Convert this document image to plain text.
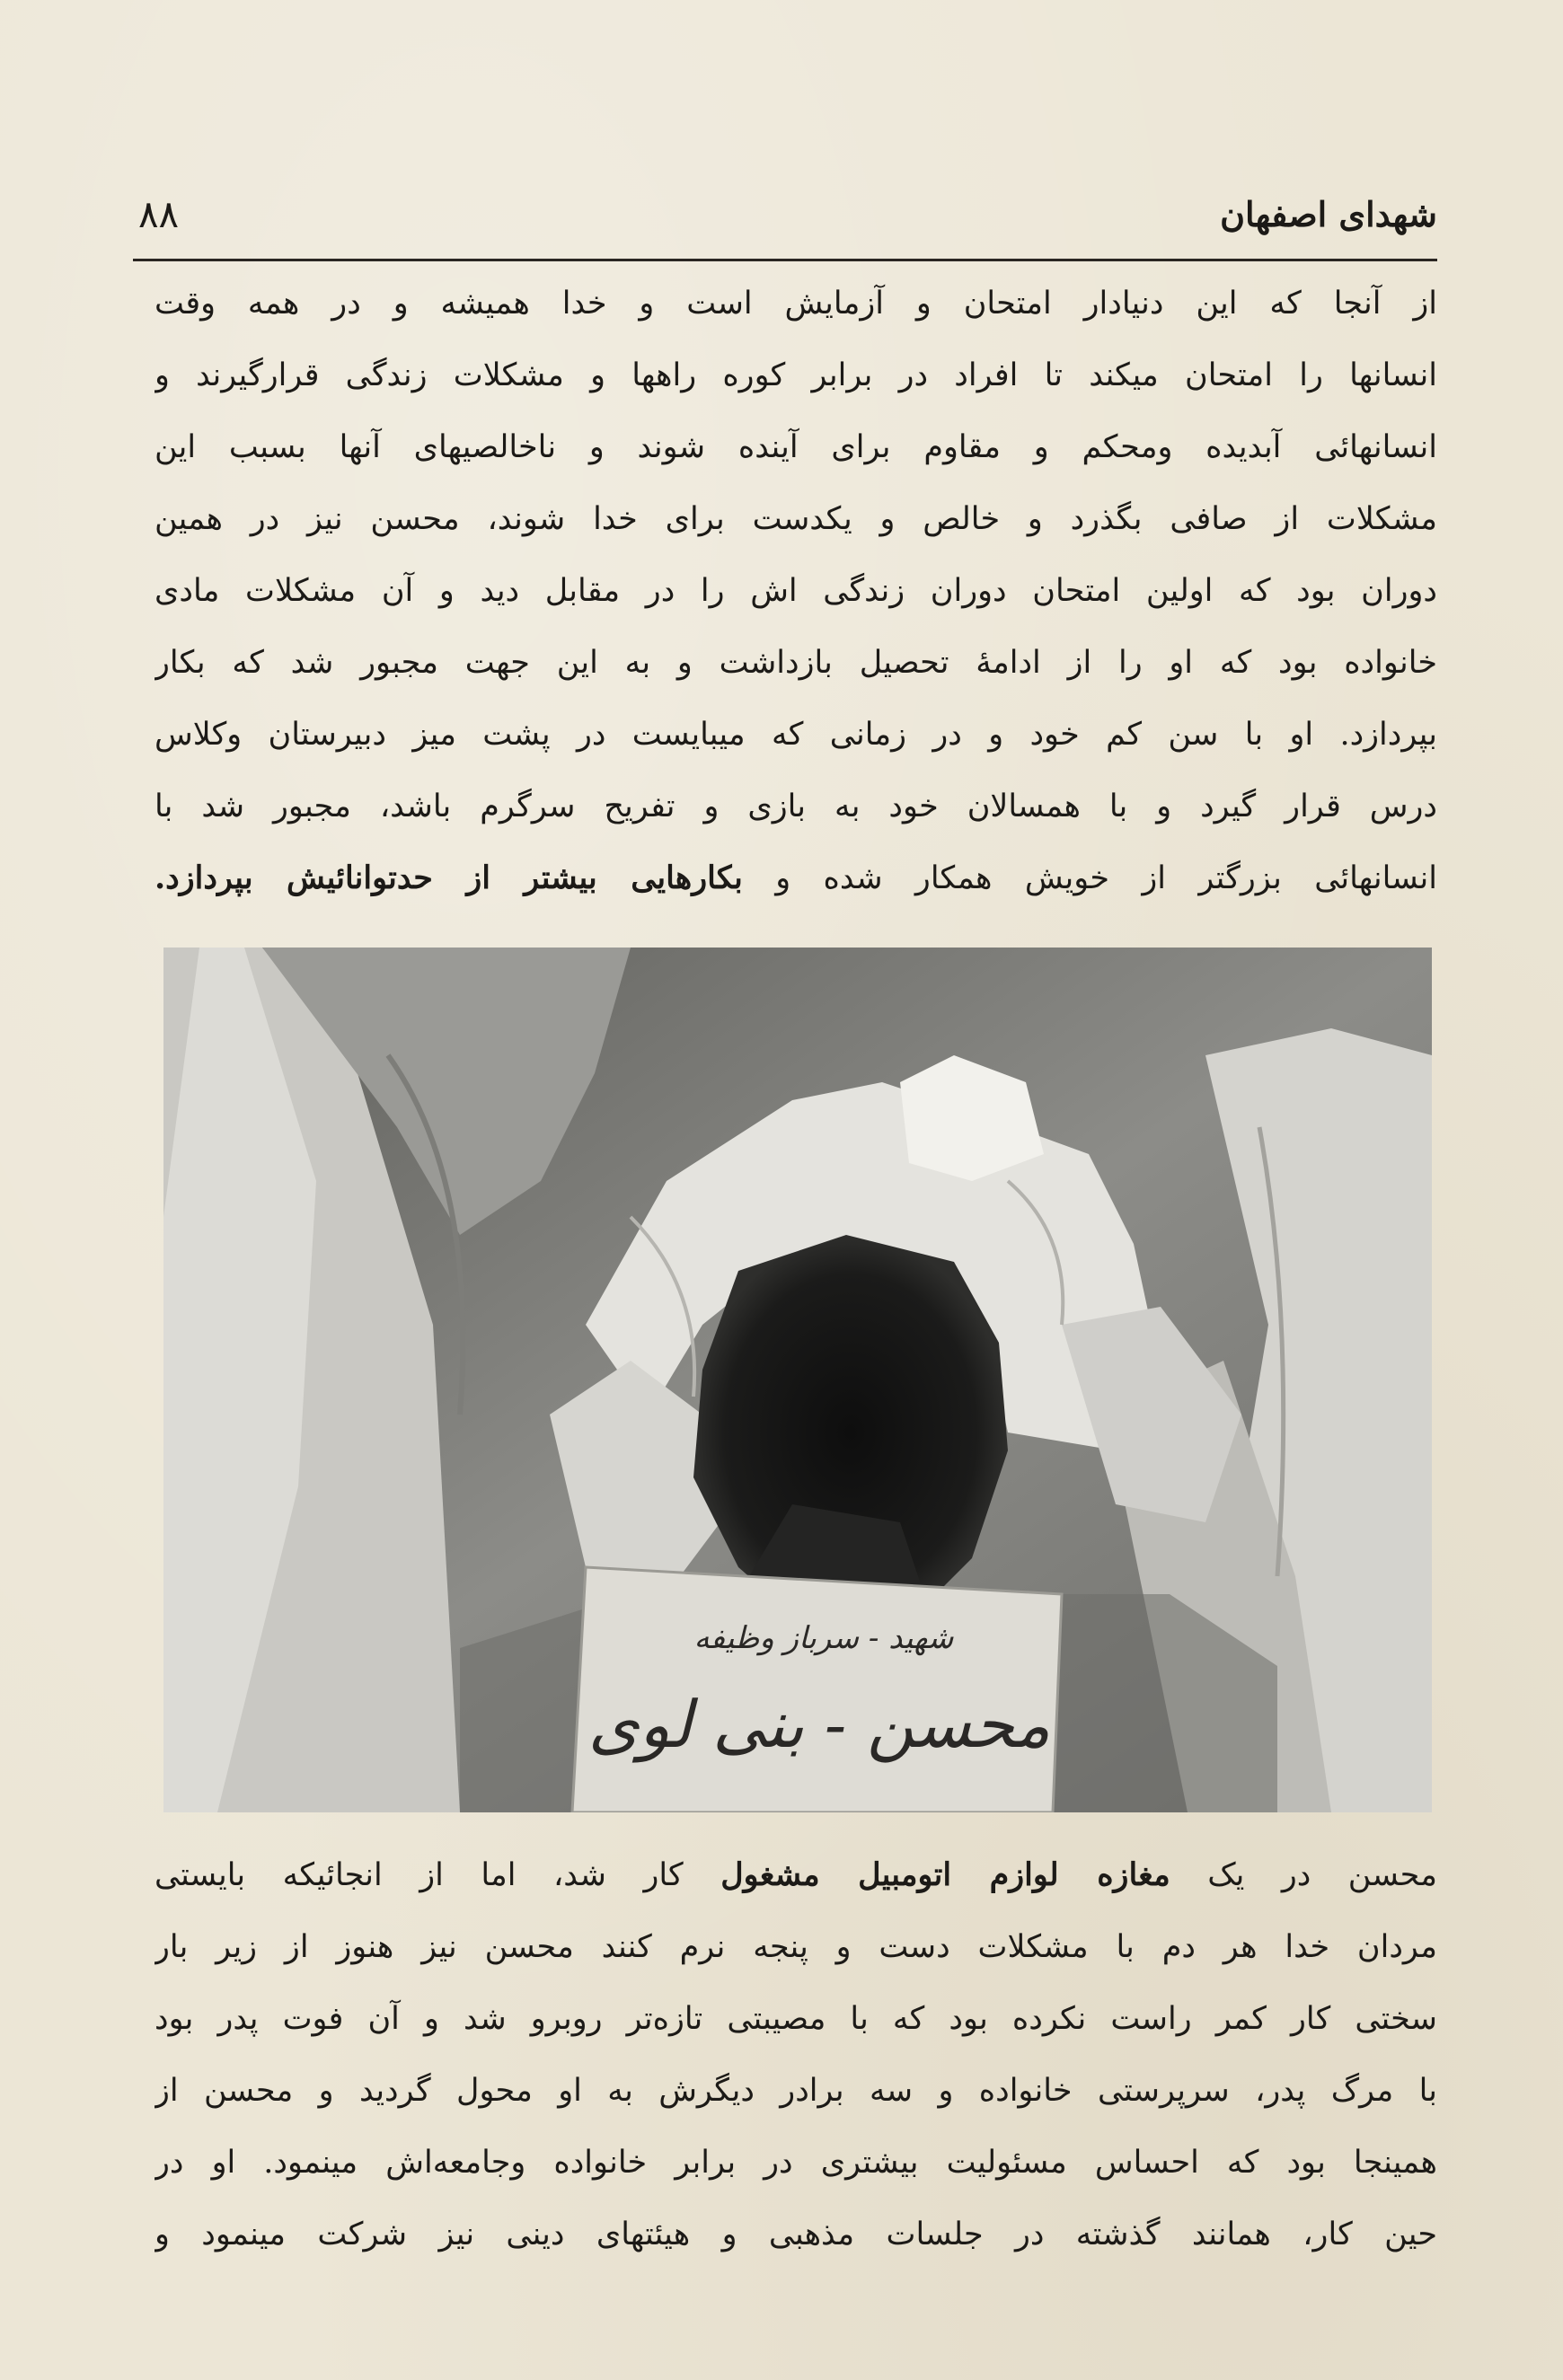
شهدای اصفهان
۸۸
از آنجا که این دنیادار امتحان و آزمایش است و خدا همیشه و در همه وقت
انسانها را امتحان میکند تا افراد در برابر کوره راهها و مشکلات زندگی قرارگیرند و
انسانهائی آبدیده ومحکم و مقاوم برای آینده شوند و ناخالصیهای آنها بسبب این
مشکلات از صافی بگذرد و خالص و یکدست برای خدا شوند، محسن نیز در همین
دوران بود که اولین امتحان دوران زندگی اش را در مقابل دید و آن مشکلات مادی
خانواده بود که او را از ادامهٔ تحصیل بازداشت و به این جهت مجبور شد که بکار
بپردازد. او با سن کم خود و در زمانی که میبایست در پشت میز دبیرستان وکلاس
درس قرار گیرد و با همسالان خود به بازی و تفریح سرگرم باشد، مجبور شد با
انسانهائی بزرگتر از خویش همکار شده و بکارهایی بیشتر از حدتوانائیش بپردازد.
شهید - سرباز وظیفه
محسن - بنی لوی
محسن در یک مغازه لوازم اتومبیل مشغول کار شد، اما از انجائیکه بایستی
مردان خدا هر دم با مشکلات دست و پنجه نرم کنند محسن نیز هنوز از زیر بار
سختی کار کمر راست نکرده بود که با مصیبتی تازه‌تر روبرو شد و آن فوت پدر بود
با مرگ پدر، سرپرستی خانواده و سه برادر دیگرش به او محول گردید و محسن از
همینجا بود که احساس مسئولیت بیشتری در برابر خانواده وجامعه‌اش مینمود. او در
حین کار، همانند گذشته در جلسات مذهبی و هیئتهای دینی نیز شرکت مینمود و
